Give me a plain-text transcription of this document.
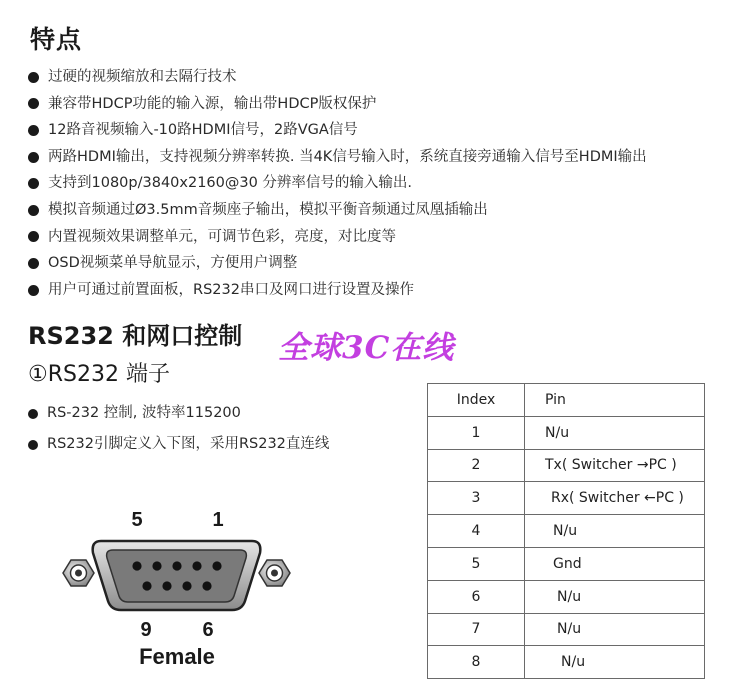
特点
过硬的视频缩放和去隔行技术
兼容带HDCP功能的输入源，输出带HDCP版权保护
12路音视频输入-10路HDMI信号，2路VGA信号
两路HDMI输出，支持视频分辨率转换. 当4K信号输入时，系统直接旁通输入信号至HDMI输出
支持到1080p/3840x2160@30 分辨率信号的输入输出.
模拟音频通过Ø3.5mm音频座子输出，模拟平衡音频通过凤凰插输出
内置视频效果调整单元，可调节色彩，亮度，对比度等
OSD视频菜单导航显示，方便用户调整
用户可通过前置面板，RS232串口及网口进行设置及操作
RS232 和网口控制 全球3C在线
①RS232 端子
RS-232 控制, 波特率115200
RS232引脚定义入下图，采用RS232直连线
5	1
9	6
Female
Index	Pin
1	N/u
2	Tx( Switcher →PC )
3	Rx( Switcher ←PC )
4	N/u
5	Gnd
6	N/u
7	N/u
8	N/u
